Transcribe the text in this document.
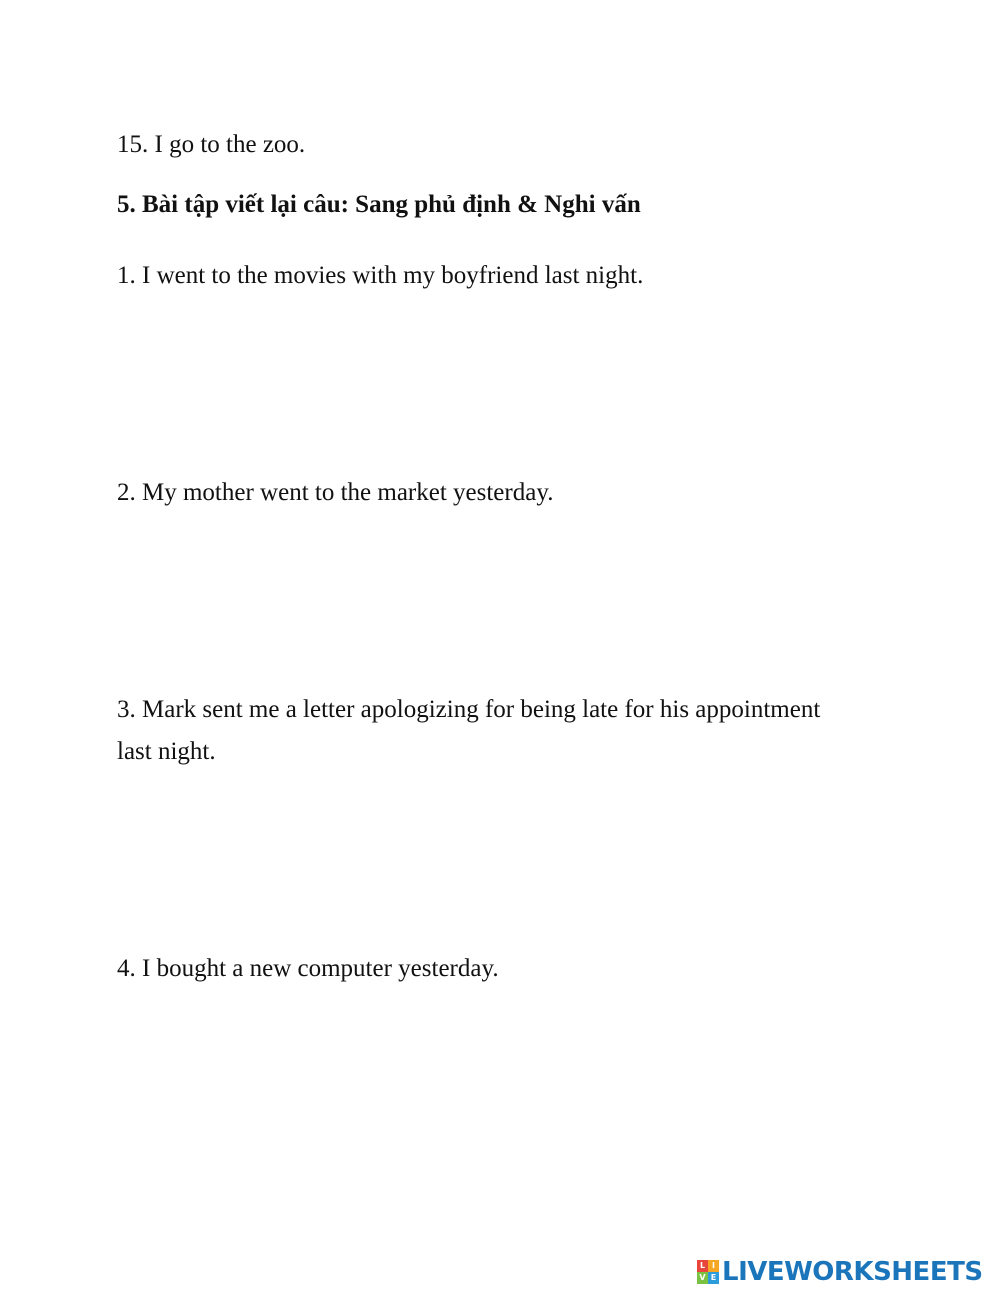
15. I go to the zoo.
5. Bài tập viết lại câu: Sang phủ định & Nghi vấn
1. I went to the movies with my boyfriend last night.
2. My mother went to the market yesterday.
3. Mark sent me a letter apologizing for being late for his appointment
last night.
4. I bought a new computer yesterday.
L I
V E LIVEWORKSHEETS
